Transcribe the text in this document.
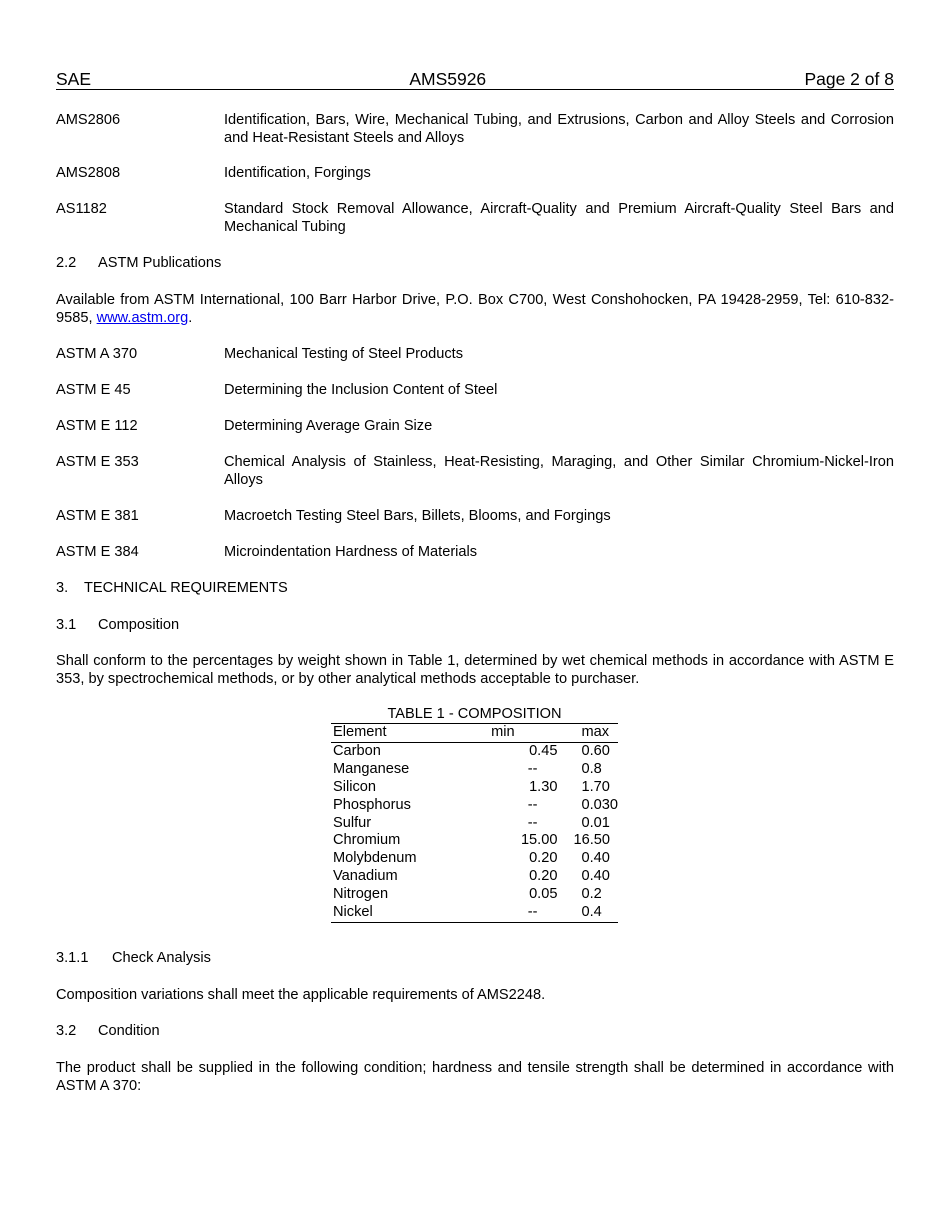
SAE	AMS5926	Page 2 of 8
AMS2806	Identification, Bars, Wire, Mechanical Tubing, and Extrusions, Carbon and Alloy Steels and Corrosion and Heat-Resistant Steels and Alloys
AMS2808	Identification, Forgings
AS1182	Standard Stock Removal Allowance, Aircraft-Quality and Premium Aircraft-Quality Steel Bars and Mechanical Tubing
2.2 ASTM Publications
Available from ASTM International, 100 Barr Harbor Drive, P.O. Box C700, West Conshohocken, PA 19428-2959, Tel: 610-832-9585, www.astm.org.
ASTM A 370	Mechanical Testing of Steel Products
ASTM E 45	Determining the Inclusion Content of Steel
ASTM E 112	Determining Average Grain Size
ASTM E 353	Chemical Analysis of Stainless, Heat-Resisting, Maraging, and Other Similar Chromium-Nickel-Iron Alloys
ASTM E 381	Macroetch Testing Steel Bars, Billets, Blooms, and Forgings
ASTM E 384	Microindentation Hardness of Materials
3. TECHNICAL REQUIREMENTS
3.1 Composition
Shall conform to the percentages by weight shown in Table 1, determined by wet chemical methods in accordance with ASTM E 353, by spectrochemical methods, or by other analytical methods acceptable to purchaser.
TABLE 1 - COMPOSITION
Element	min	max
Carbon	0.45	0.60
Manganese	--	0.8
Silicon	1.30	1.70
Phosphorus	--	0.030
Sulfur	--	0.01
Chromium	15.00	16.50
Molybdenum	0.20	0.40
Vanadium	0.20	0.40
Nitrogen	0.05	0.2
Nickel	--	0.4
3.1.1 Check Analysis
Composition variations shall meet the applicable requirements of AMS2248.
3.2 Condition
The product shall be supplied in the following condition; hardness and tensile strength shall be determined in accordance with ASTM A 370:
